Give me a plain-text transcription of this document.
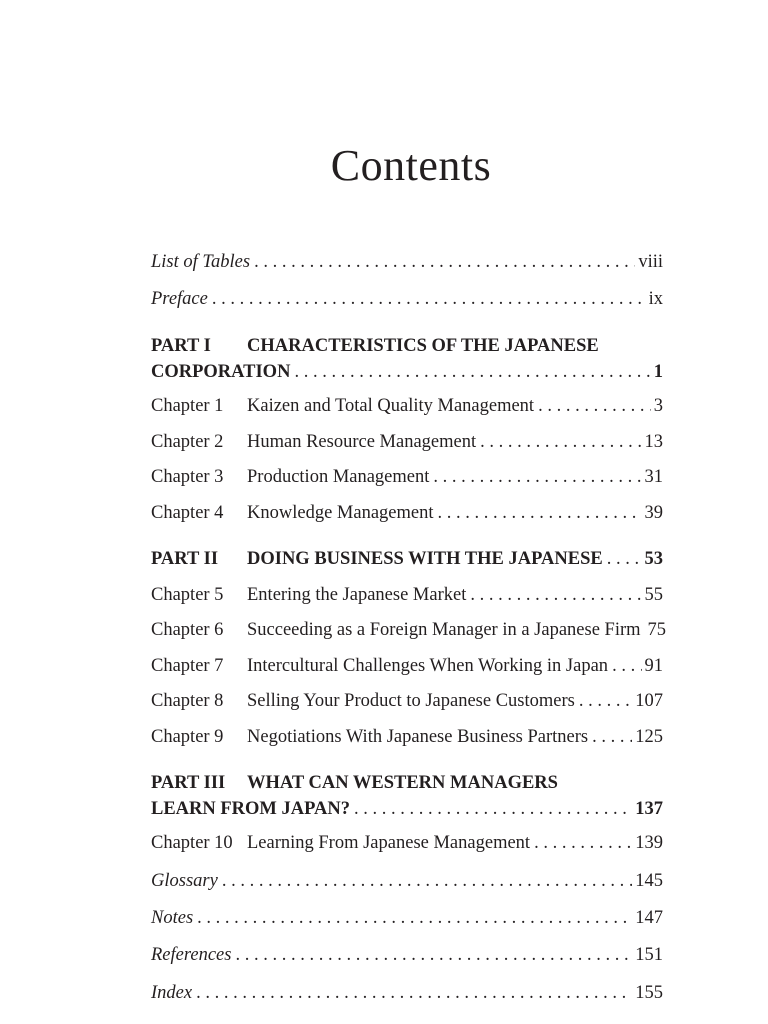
Contents
List of Tables . . .	viii
Preface . . .	ix
PART I CHARACTERISTICS OF THE JAPANESE
CORPORATION . . .	1
Chapter 1 Kaizen and Total Quality Management . . .	3
Chapter 2 Human Resource Management . . .	13
Chapter 3 Production Management . . .	31
Chapter 4 Knowledge Management . . .	39
PART II DOING BUSINESS WITH THE JAPANESE . . . 53
Chapter 5 Entering the Japanese Market . . .	55
Chapter 6 Succeeding as a Foreign Manager in a Japanese Firm 75
Chapter 7 Intercultural Challenges When Working in Japan . . . 91
Chapter 8 Selling Your Product to Japanese Customers . . .	107
Chapter 9 Negotiations With Japanese Business Partners . . .	125
PART III WHAT CAN WESTERN MANAGERS
LEARN FROM JAPAN? . . .	137
Chapter 10 Learning From Japanese Management . . .	139
Glossary . . .	145
Notes . . .	147
References . . .	151
Index . . .	155
